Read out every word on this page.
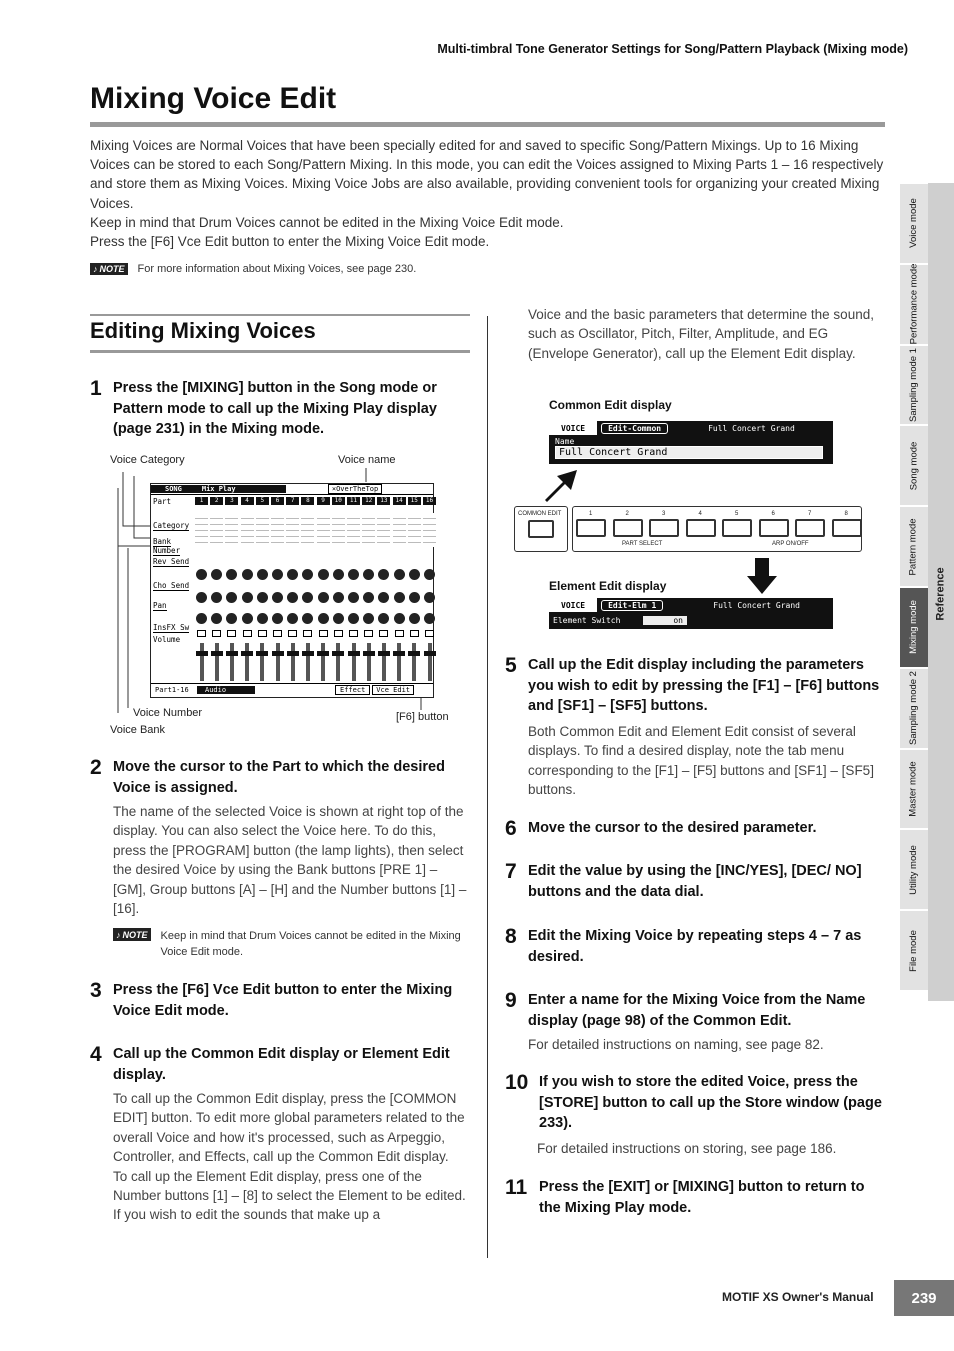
Multi-timbral Tone Generator Settings for Song/Pattern Playback (Mixing mode)
Mixing Voice Edit
Mixing Voices are Normal Voices that have been specially edited for and saved to specific Song/Pattern Mixings. Up to 16 Mixing Voices can be stored to each Song/Pattern Mixing. In this mode, you can edit the Voices assigned to Mixing Parts 1 – 16 respectively and store them as Mixing Voices. Mixing Voice Jobs are also available, providing convenient tools for organizing your created Mixing Voices.
Keep in mind that Drum Voices cannot be edited in the Mixing Voice Edit mode.
Press the [F6] Vce Edit button to enter the Mixing Voice Edit mode.
♪ NOTE For more information about Mixing Voices, see page 230.
Editing Mixing Voices
1 Press the [MIXING] button in the Song mode or Pattern mode to call up the Mixing Play display (page 231) in the Mixing mode.
Voice Category	Voice name
Voice Number
Voice Bank
[F6] button
SONG	Mix Play	×OverTheTop
Part
Category
Bank
Number
Rev Send
Cho Send
Pan
InsFX Sw
Volume
1	2	3	4	5	6	7	8	9	10	11	12	13	14	15	16
Part1-16	Audio	Effect	Vce Edit
2 Move the cursor to the Part to which the desired Voice is assigned.
The name of the selected Voice is shown at right top of the display. You can also select the Voice here. To do this, press the [PROGRAM] button (the lamp lights), then select the desired Voice by using the Bank buttons [PRE 1] – [GM], Group buttons [A] – [H] and the Number buttons [1] – [16].
♪ NOTE Keep in mind that Drum Voices cannot be edited in the Mixing Voice Edit mode.
3 Press the [F6] Vce Edit button to enter the Mixing Voice Edit mode.
4 Call up the Common Edit display or Element Edit display.
To call up the Common Edit display, press the [COMMON EDIT] button. To edit more global parameters related to the overall Voice and how it's processed, such as Arpeggio, Controller, and Effects, call up the Common Edit display.
To call up the Element Edit display, press one of the Number buttons [1] – [8] to select the Element to be edited. If you wish to edit the sounds that make up a
Voice and the basic parameters that determine the sound, such as Oscillator, Pitch, Filter, Amplitude, and EG (Envelope Generator), call up the Element Edit display.
Common Edit display
VOICE	Edit-Common	Full Concert Grand
Name
Full Concert Grand
COMMON EDIT	1	2	3	4	5	6	7	8
PART SELECT	ARP ON/OFF
Element Edit display
VOICE	Edit-Elm 1	Full Concert Grand
Element Switch	on
5 Call up the Edit display including the parameters you wish to edit by pressing the [F1] – [F6] buttons and [SF1] – [SF5] buttons.
Both Common Edit and Element Edit consist of several displays. To find a desired display, note the tab menu corresponding to the [F1] – [F5] buttons and [SF1] – [SF5] buttons.
6 Move the cursor to the desired parameter.
7 Edit the value by using the [INC/YES], [DEC/ NO] buttons and the data dial.
8 Edit the Mixing Voice by repeating steps 4 – 7 as desired.
9 Enter a name for the Mixing Voice from the Name display (page 98) of the Common Edit.
For detailed instructions on naming, see page 82.
10 If you wish to store the edited Voice, press the [STORE] button to call up the Store window (page 233).
For detailed instructions on storing, see page 186.
11 Press the [EXIT] or [MIXING] button to return to the Mixing Play mode.
Reference
Voice mode
Performance mode
Sampling mode 1
Song mode
Pattern mode
Mixing mode
Sampling mode 2
Master mode
Utility mode
File mode
MOTIF XS Owner's Manual	239
